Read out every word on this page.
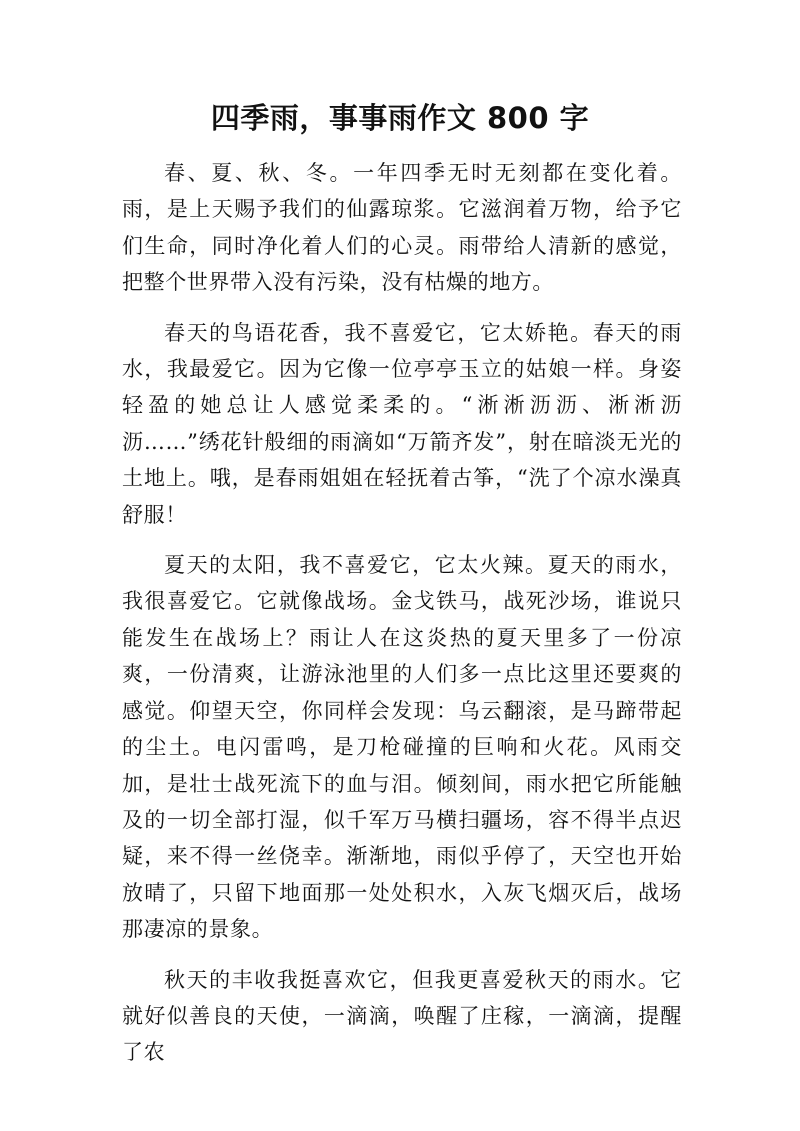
四季雨，事事雨作文 800 字

春、夏、秋、冬。一年四季无时无刻都在变化着。雨，是上天赐予我们的仙露琼浆。它滋润着万物，给予它们生命，同时净化着人们的心灵。雨带给人清新的感觉，把整个世界带入没有污染，没有枯燥的地方。

春天的鸟语花香，我不喜爱它，它太娇艳。春天的雨水，我最爱它。因为它像一位亭亭玉立的姑娘一样。身姿轻盈的她总让人感觉柔柔的。“淅淅沥沥、淅淅沥沥……”绣花针般细的雨滴如“万箭齐发”，射在暗淡无光的土地上。哦，是春雨姐姐在轻抚着古筝，“洗了个凉水澡真舒服！

夏天的太阳，我不喜爱它，它太火辣。夏天的雨水，我很喜爱它。它就像战场。金戈铁马，战死沙场，谁说只能发生在战场上？雨让人在这炎热的夏天里多了一份凉爽，一份清爽，让游泳池里的人们多一点比这里还要爽的感觉。仰望天空，你同样会发现：乌云翻滚，是马蹄带起的尘土。电闪雷鸣，是刀枪碰撞的巨响和火花。风雨交加，是壮士战死流下的血与泪。倾刻间，雨水把它所能触及的一切全部打湿，似千军万马横扫疆场，容不得半点迟疑，来不得一丝侥幸。渐渐地，雨似乎停了，天空也开始放晴了，只留下地面那一处处积水，入灰飞烟灭后，战场那凄凉的景象。

秋天的丰收我挺喜欢它，但我更喜爱秋天的雨水。它就好似善良的天使，一滴滴，唤醒了庄稼，一滴滴，提醒了农
